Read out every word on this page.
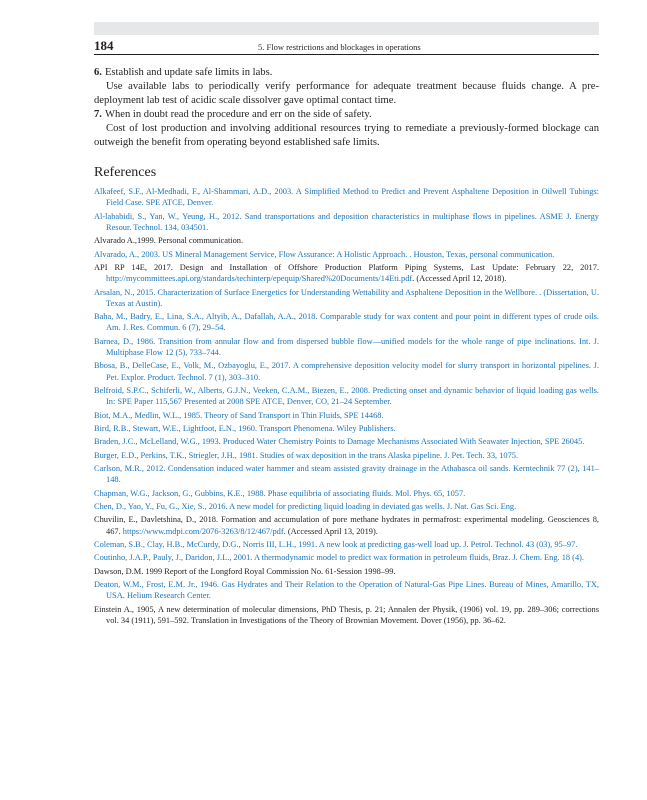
184	5. Flow restrictions and blockages in operations

6. Establish and update safe limits in labs.

Use available labs to periodically verify performance for adequate treatment because fluids change. A pre-deployment lab test of acidic scale dissolver gave optimal contact time.

7. When in doubt read the procedure and err on the side of safety.

Cost of lost production and involving additional resources trying to remediate a previously-formed blockage can outweigh the benefit from operating beyond established safe limits.

References

Alkafeef, S.F., Al-Medhadi, F., Al-Shammari, A.D., 2003. A Simplified Method to Predict and Prevent Asphaltene Deposition in Oilwell Tubings: Field Case. SPE ATCE, Denver.

Al-lababidi, S., Yan, W., Yeung, H., 2012. Sand transportations and deposition characteristics in multiphase flows in pipelines. ASME J. Energy Resour. Technol. 134, 034501.

Alvarado A.,1999. Personal communication.

Alvarado, A., 2003. US Mineral Management Service, Flow Assurance: A Holistic Approach. . Houston, Texas, personal communication.

API RP 14E, 2017. Design and Installation of Offshore Production Platform Piping Systems, Last Update: February 22, 2017. http://mycommittees.api.org/standards/techinterp/epequip/Shared%20Documents/14Eti.pdf. (Accessed April 12, 2018).

Arsalan, N., 2015. Characterization of Surface Energetics for Understanding Wettability and Asphaltene Deposition in the Wellbore. . (Dissertation, U. Texas at Austin).

Baha, M., Badry, E., Lina, S.A., Altyib, A., Dafallah, A.A., 2018. Comparable study for wax content and pour point in different types of crude oils. Am. J. Res. Commun. 6 (7), 29–54.

Barnea, D., 1986. Transition from annular flow and from dispersed bubble flow—unified models for the whole range of pipe inclinations. Int. J. Multiphase Flow 12 (5), 733–744.

Bbosa, B., DelleCase, E., Volk, M., Ozbayoglu, E., 2017. A comprehensive deposition velocity model for slurry transport in horizontal pipelines. J. Pet. Explor. Product. Technol. 7 (1), 303–310.

Belfroid, S.P.C., Schiferli, W., Alberts, G.J.N., Veeken, C.A.M., Biezen, E., 2008. Predicting onset and dynamic behavior of liquid loading gas wells. In: SPE Paper 115,567 Presented at 2008 SPE ATCE, Denver, CO, 21–24 September.

Biot, M.A., Medlin, W.L., 1985. Theory of Sand Transport in Thin Fluids, SPE 14468.

Bird, R.B., Stewart, W.E., Lightfoot, E.N., 1960. Transport Phenomena. Wiley Publishers.

Braden, J.C., McLelland, W.G., 1993. Produced Water Chemistry Points to Damage Mechanisms Associated With Seawater Injection, SPE 26045.

Burger, E.D., Perkins, T.K., Striegler, J.H., 1981. Studies of wax deposition in the trans Alaska pipeline. J. Pet. Tech. 33, 1075.

Carlson, M.R., 2012. Condensation induced water hammer and steam assisted gravity drainage in the Athabasca oil sands. Kerntechnik 77 (2), 141–148.

Chapman, W.G., Jackson, G., Gubbins, K.E., 1988. Phase equilibria of associating fluids. Mol. Phys. 65, 1057.

Chen, D., Yao, Y., Fu, G., Xie, S., 2016. A new model for predicting liquid loading in deviated gas wells. J. Nat. Gas Sci. Eng.

Chuvilin, E., Davletshina, D., 2018. Formation and accumulation of pore methane hydrates in permafrost: experimental modeling. Geosciences 8, 467. https://www.mdpi.com/2076-3263/8/12/467/pdf. (Accessed April 13, 2019).

Coleman, S.B., Clay, H.B., McCurdy, D.G., Norris III, L.H., 1991. A new look at predicting gas-well load up. J. Petrol. Technol. 43 (03), 95–97.

Coutinho, J.A.P., Pauly, J., Daridon, J.L., 2001. A thermodynamic model to predict wax formation in petroleum fluids, Braz. J. Chem. Eng. 18 (4).

Dawson, D.M. 1999 Report of the Longford Royal Commission No. 61-Session 1998–99.

Deaton, W.M., Frost, E.M. Jr., 1946. Gas Hydrates and Their Relation to the Operation of Natural-Gas Pipe Lines. Bureau of Mines, Amarillo, TX, USA. Helium Research Center.

Einstein A., 1905, A new determination of molecular dimensions, PhD Thesis, p. 21; Annalen der Physik, (1906) vol. 19, pp. 289–306; corrections vol. 34 (1911), 591–592. Translation in Investigations of the Theory of Brownian Movement. Dover (1956), pp. 36–62.
